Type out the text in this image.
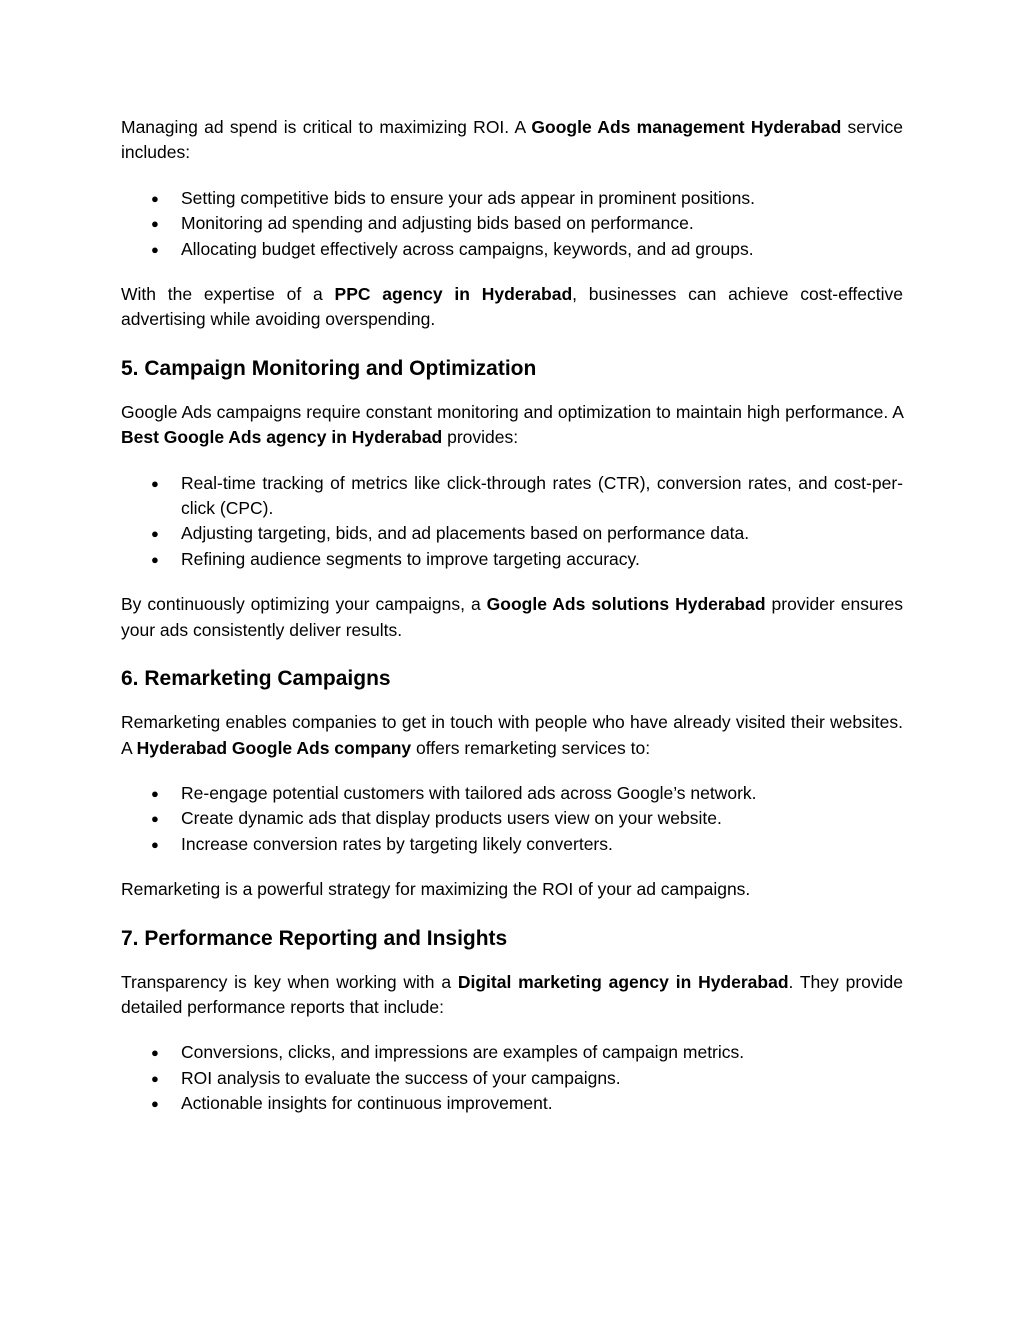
Managing ad spend is critical to maximizing ROI. A Google Ads management Hyderabad service includes:

● Setting competitive bids to ensure your ads appear in prominent positions.
● Monitoring ad spending and adjusting bids based on performance.
● Allocating budget effectively across campaigns, keywords, and ad groups.

With the expertise of a PPC agency in Hyderabad, businesses can achieve cost-effective advertising while avoiding overspending.

5. Campaign Monitoring and Optimization

Google Ads campaigns require constant monitoring and optimization to maintain high performance. A Best Google Ads agency in Hyderabad provides:

● Real-time tracking of metrics like click-through rates (CTR), conversion rates, and cost-per-click (CPC).
● Adjusting targeting, bids, and ad placements based on performance data.
● Refining audience segments to improve targeting accuracy.

By continuously optimizing your campaigns, a Google Ads solutions Hyderabad provider ensures your ads consistently deliver results.

6. Remarketing Campaigns

Remarketing enables companies to get in touch with people who have already visited their websites. A Hyderabad Google Ads company offers remarketing services to:

● Re-engage potential customers with tailored ads across Google’s network.
● Create dynamic ads that display products users view on your website.
● Increase conversion rates by targeting likely converters.

Remarketing is a powerful strategy for maximizing the ROI of your ad campaigns.

7. Performance Reporting and Insights

Transparency is key when working with a Digital marketing agency in Hyderabad. They provide detailed performance reports that include:

● Conversions, clicks, and impressions are examples of campaign metrics.
● ROI analysis to evaluate the success of your campaigns.
● Actionable insights for continuous improvement.
